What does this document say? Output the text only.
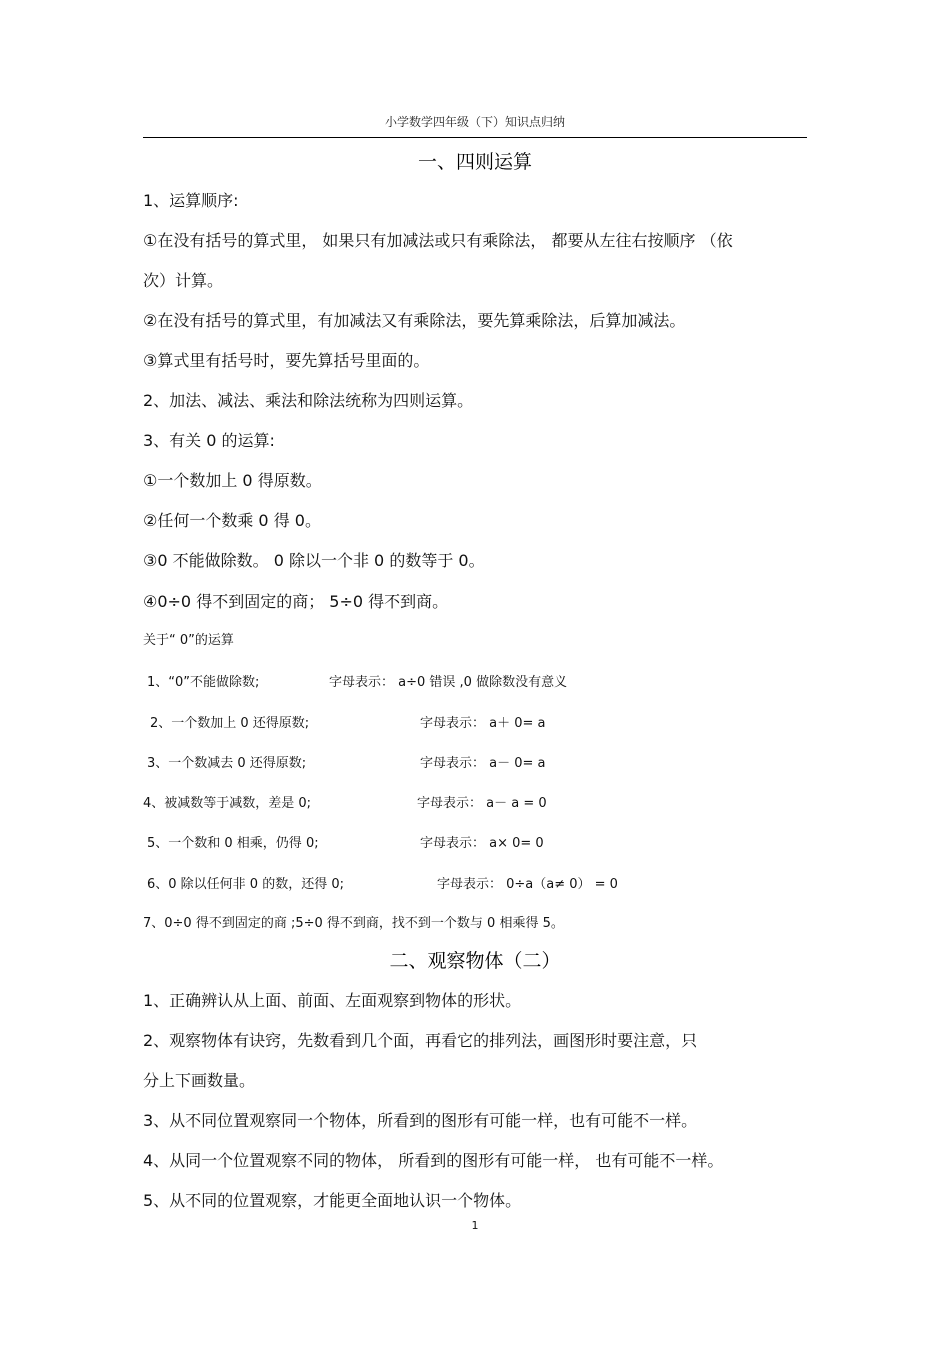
小学数学四年级（下）知识点归纳
一、四则运算
1、运算顺序:
①在没有括号的算式里， 如果只有加减法或只有乘除法， 都要从左往右按顺序 （依
次）计算。
②在没有括号的算式里，有加减法又有乘除法，要先算乘除法，后算加减法。
③算式里有括号时，要先算括号里面的。
2、加法、减法、乘法和除法统称为四则运算。
3、有关 0 的运算:
①一个数加上 0 得原数。
②任何一个数乘 0 得 0。
③0 不能做除数。 0 除以一个非 0 的数等于 0。
④0÷0 得不到固定的商； 5÷0 得不到商。
关于“ 0”的运算
1、“0”不能做除数;	字母表示： a÷0 错误 ,0 做除数没有意义
2、一个数加上 0 还得原数;	字母表示： a＋ 0= a
3、一个数减去 0 还得原数;	字母表示： a－ 0= a
4、被减数等于减数，差是 0;	字母表示： a－ a = 0
5、一个数和 0 相乘，仍得 0;	字母表示： a× 0= 0
6、0 除以任何非 0 的数，还得 0;	字母表示： 0÷a（a≠ 0） = 0
7、0÷0 得不到固定的商 ;5÷0 得不到商，找不到一个数与 0 相乘得 5。
二、观察物体（二）
1、正确辨认从上面、前面、左面观察到物体的形状。
2、观察物体有诀窍，先数看到几个面，再看它的排列法，画图形时要注意，只
分上下画数量。
3、从不同位置观察同一个物体，所看到的图形有可能一样，也有可能不一样。
4、从同一个位置观察不同的物体， 所看到的图形有可能一样， 也有可能不一样。
5、从不同的位置观察，才能更全面地认识一个物体。
1
